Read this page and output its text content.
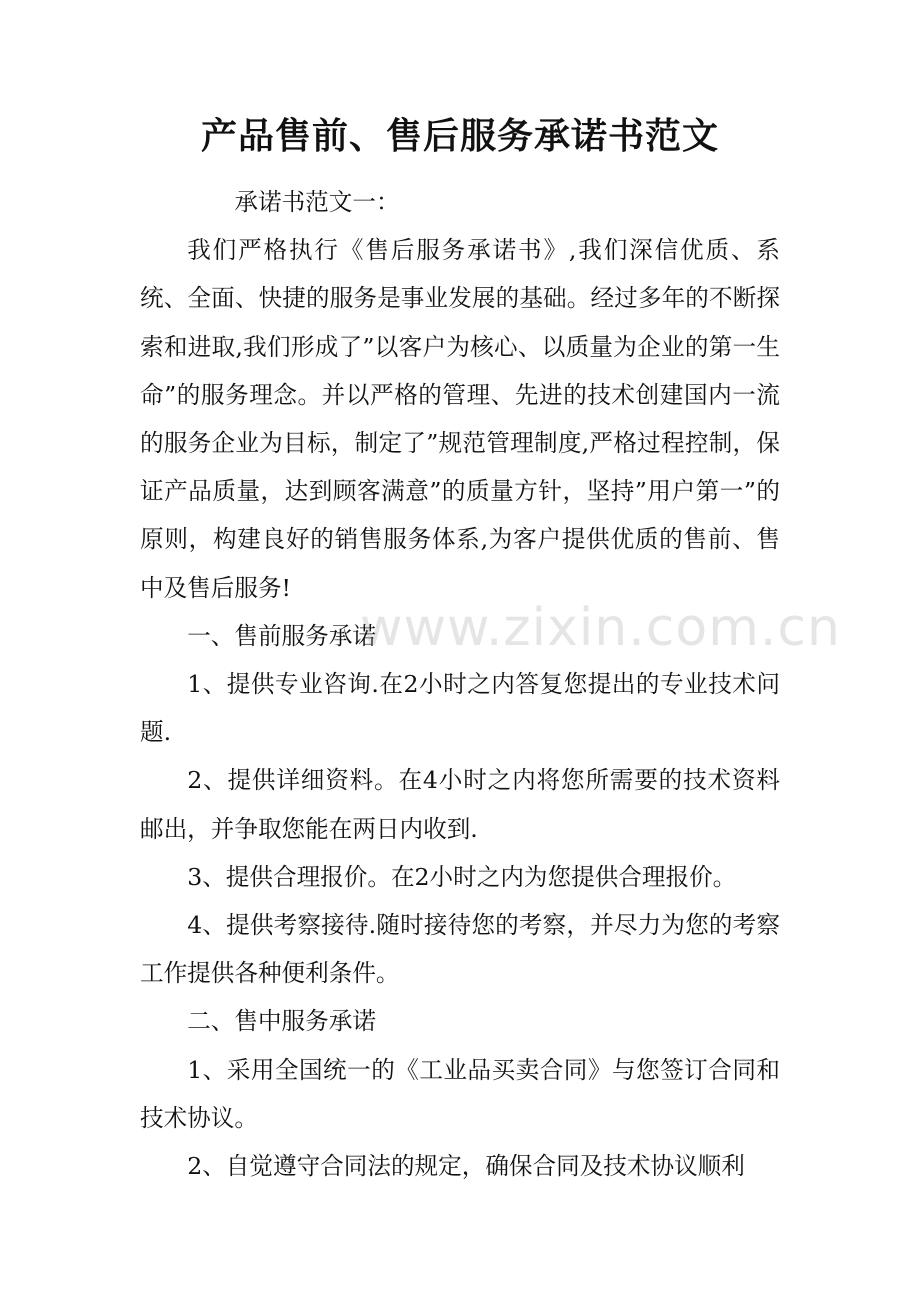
产品售前、售后服务承诺书范文

承诺书范文一：

我们严格执行《售后服务承诺书》,我们深信优质、系统、全面、快捷的服务是事业发展的基础。经过多年的不断探索和进取,我们形成了”以客户为核心、以质量为企业的第一生命”的服务理念。并以严格的管理、先进的技术创建国内一流的服务企业为目标，制定了”规范管理制度,严格过程控制，保证产品质量，达到顾客满意”的质量方针，坚持”用户第一”的原则，构建良好的销售服务体系,为客户提供优质的售前、售中及售后服务!

一、售前服务承诺

1、提供专业咨询.在2小时之内答复您提出的专业技术问题.

2、提供详细资料。在4小时之内将您所需要的技术资料邮出，并争取您能在两日内收到.

3、提供合理报价。在2小时之内为您提供合理报价。

4、提供考察接待.随时接待您的考察，并尽力为您的考察工作提供各种便利条件。

二、售中服务承诺

1、采用全国统一的《工业品买卖合同》与您签订合同和技术协议。

2、自觉遵守合同法的规定，确保合同及技术协议顺利

www.zixin.com.cn
